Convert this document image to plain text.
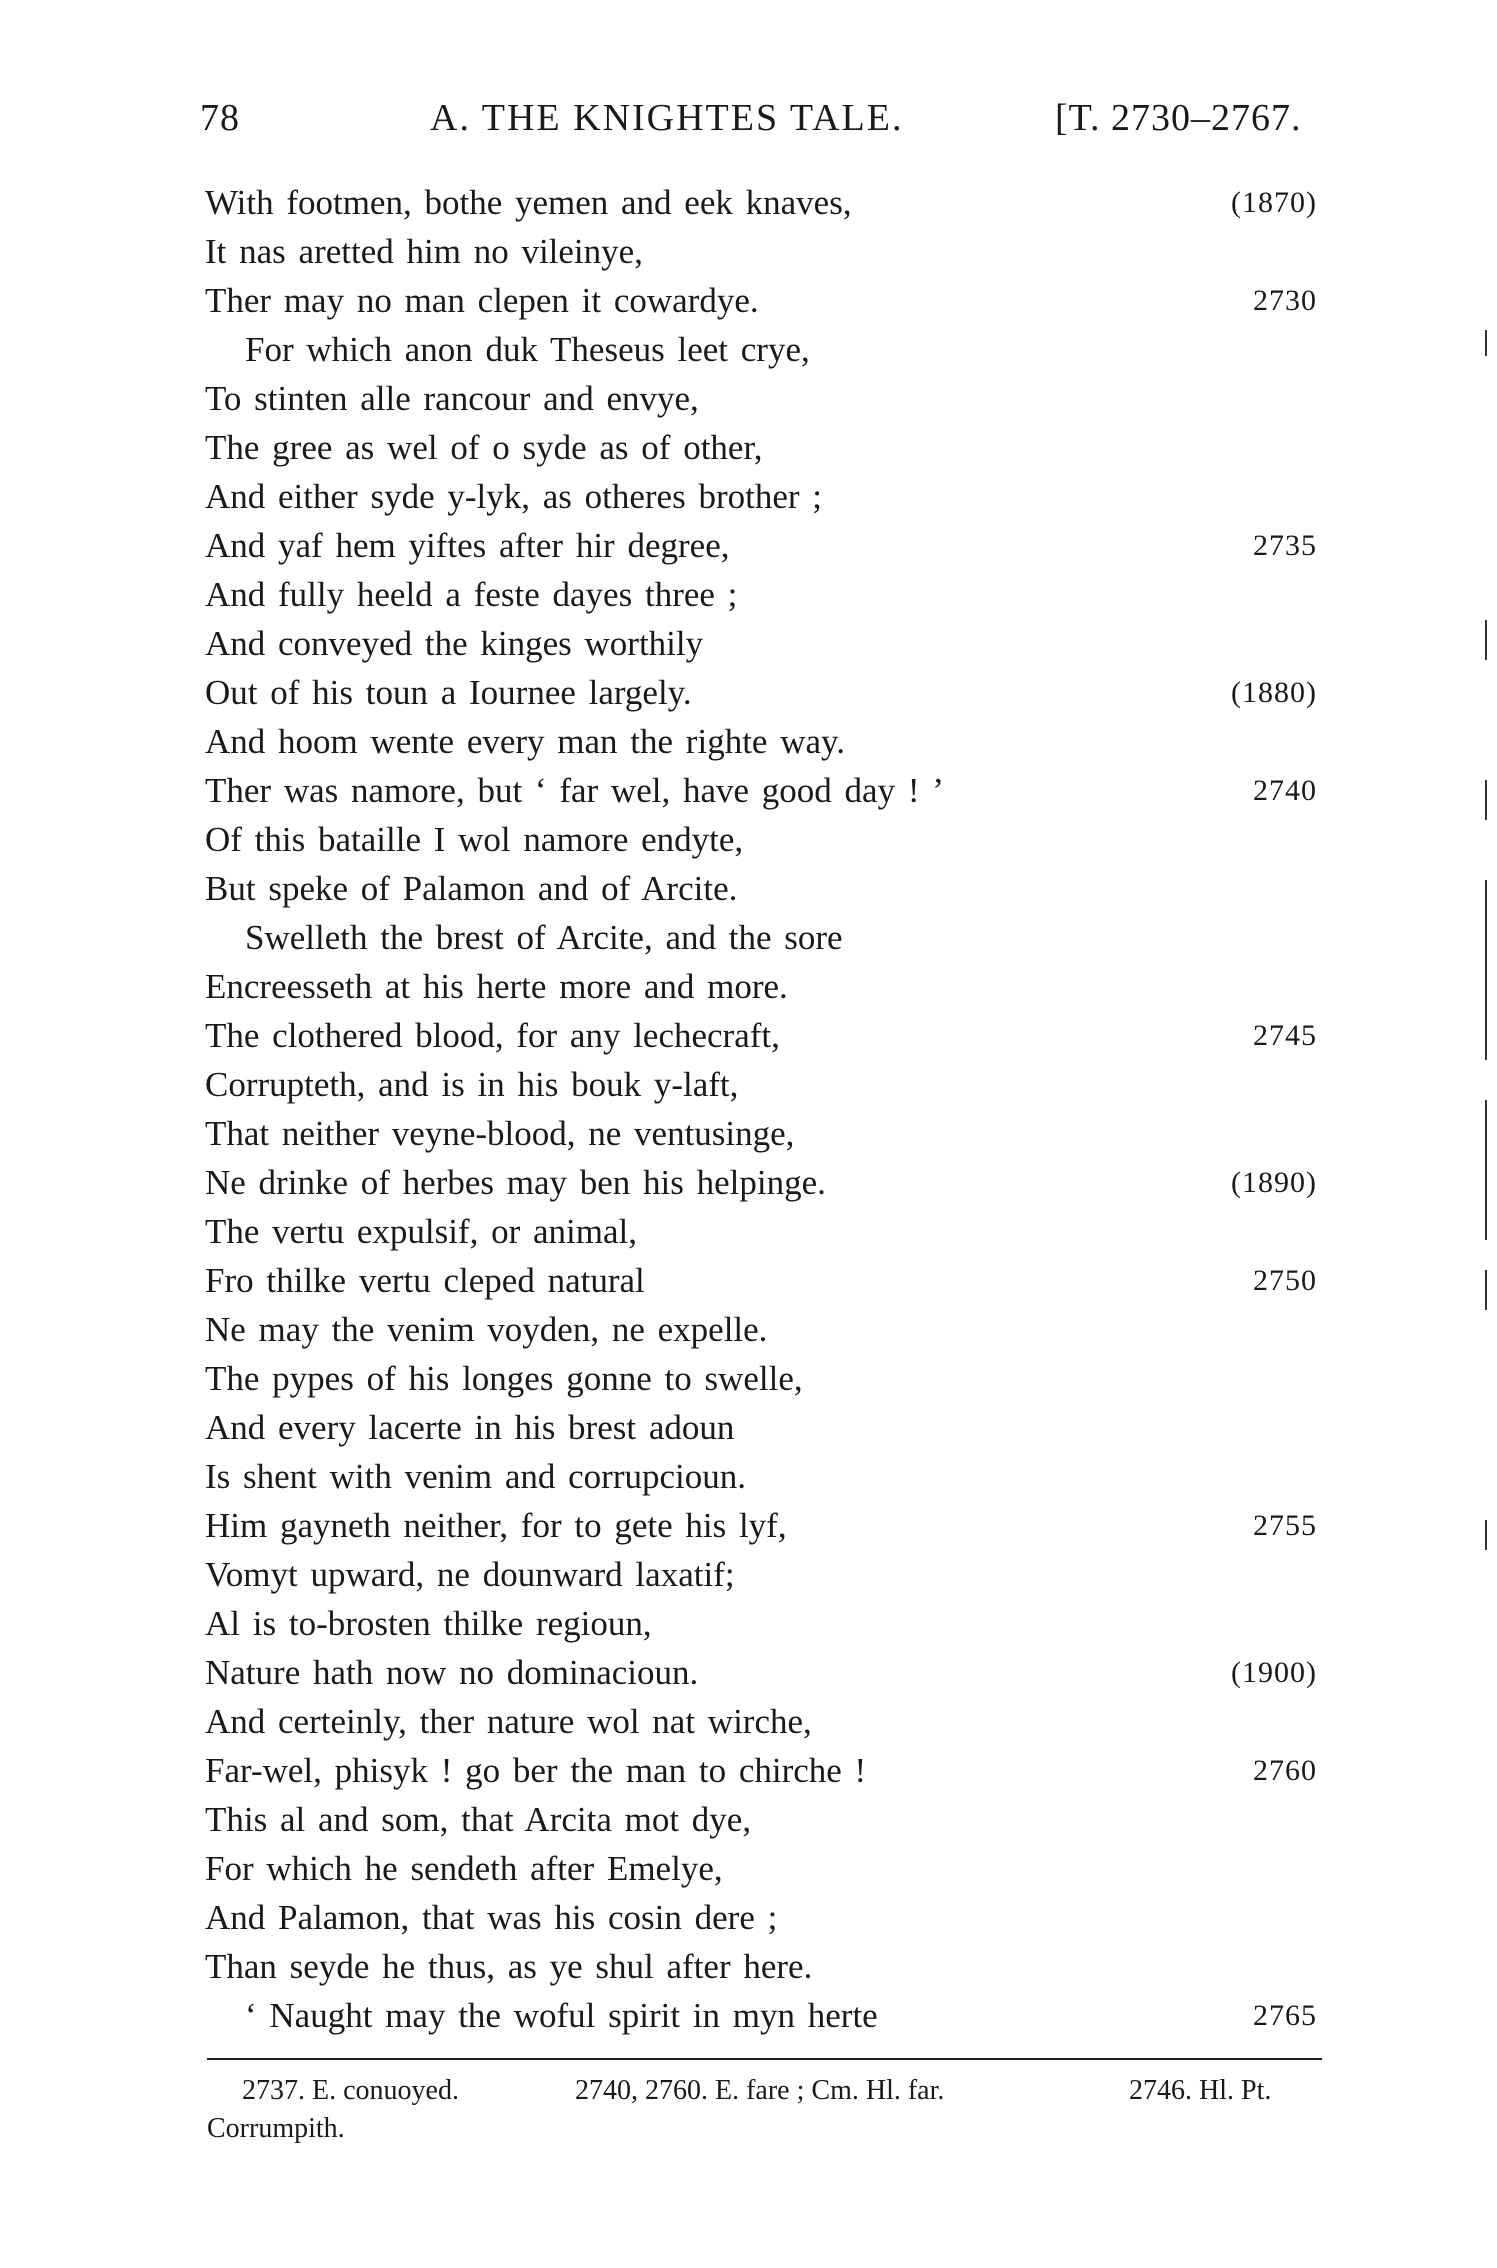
78	A. THE KNIGHTES TALE.	[T. 2730–2767.
With footmen, bothe yemen and eek knaves,	(1870)
It nas aretted him no vileinye,
Ther may no man clepen it cowardye.	2730
For which anon duk Theseus leet crye,
To stinten alle rancour and envye,
The gree as wel of o syde as of other,
And either syde y-lyk, as otheres brother ;
And yaf hem yiftes after hir degree,	2735
And fully heeld a feste dayes three ;
And conveyed the kinges worthily
Out of his toun a Iournee largely.	(1880)
And hoom wente every man the righte way.
Ther was namore, but ‘ far wel, have good day ! ’	2740
Of this bataille I wol namore endyte,
But speke of Palamon and of Arcite.
Swelleth the brest of Arcite, and the sore
Encreesseth at his herte more and more.
The clothered blood, for any lechecraft,	2745
Corrupteth, and is in his bouk y-laft,
That neither veyne-blood, ne ventusinge,
Ne drinke of herbes may ben his helpinge.	(1890)
The vertu expulsif, or animal,
Fro thilke vertu cleped natural	2750
Ne may the venim voyden, ne expelle.
The pypes of his longes gonne to swelle,
And every lacerte in his brest adoun
Is shent with venim and corrupcioun.
Him gayneth neither, for to gete his lyf,	2755
Vomyt upward, ne dounward laxatif;
Al is to-brosten thilke regioun,
Nature hath now no dominacioun.	(1900)
And certeinly, ther nature wol nat wirche,
Far-wel, phisyk ! go ber the man to chirche !	2760
This al and som, that Arcita mot dye,
For which he sendeth after Emelye,
And Palamon, that was his cosin dere ;
Than seyde he thus, as ye shul after here.
‘ Naught may the woful spirit in myn herte	2765
2737. E. conuoyed.	2740, 2760. E. fare ; Cm. Hl. far.	2746. Hl. Pt.
Corrumpith.
